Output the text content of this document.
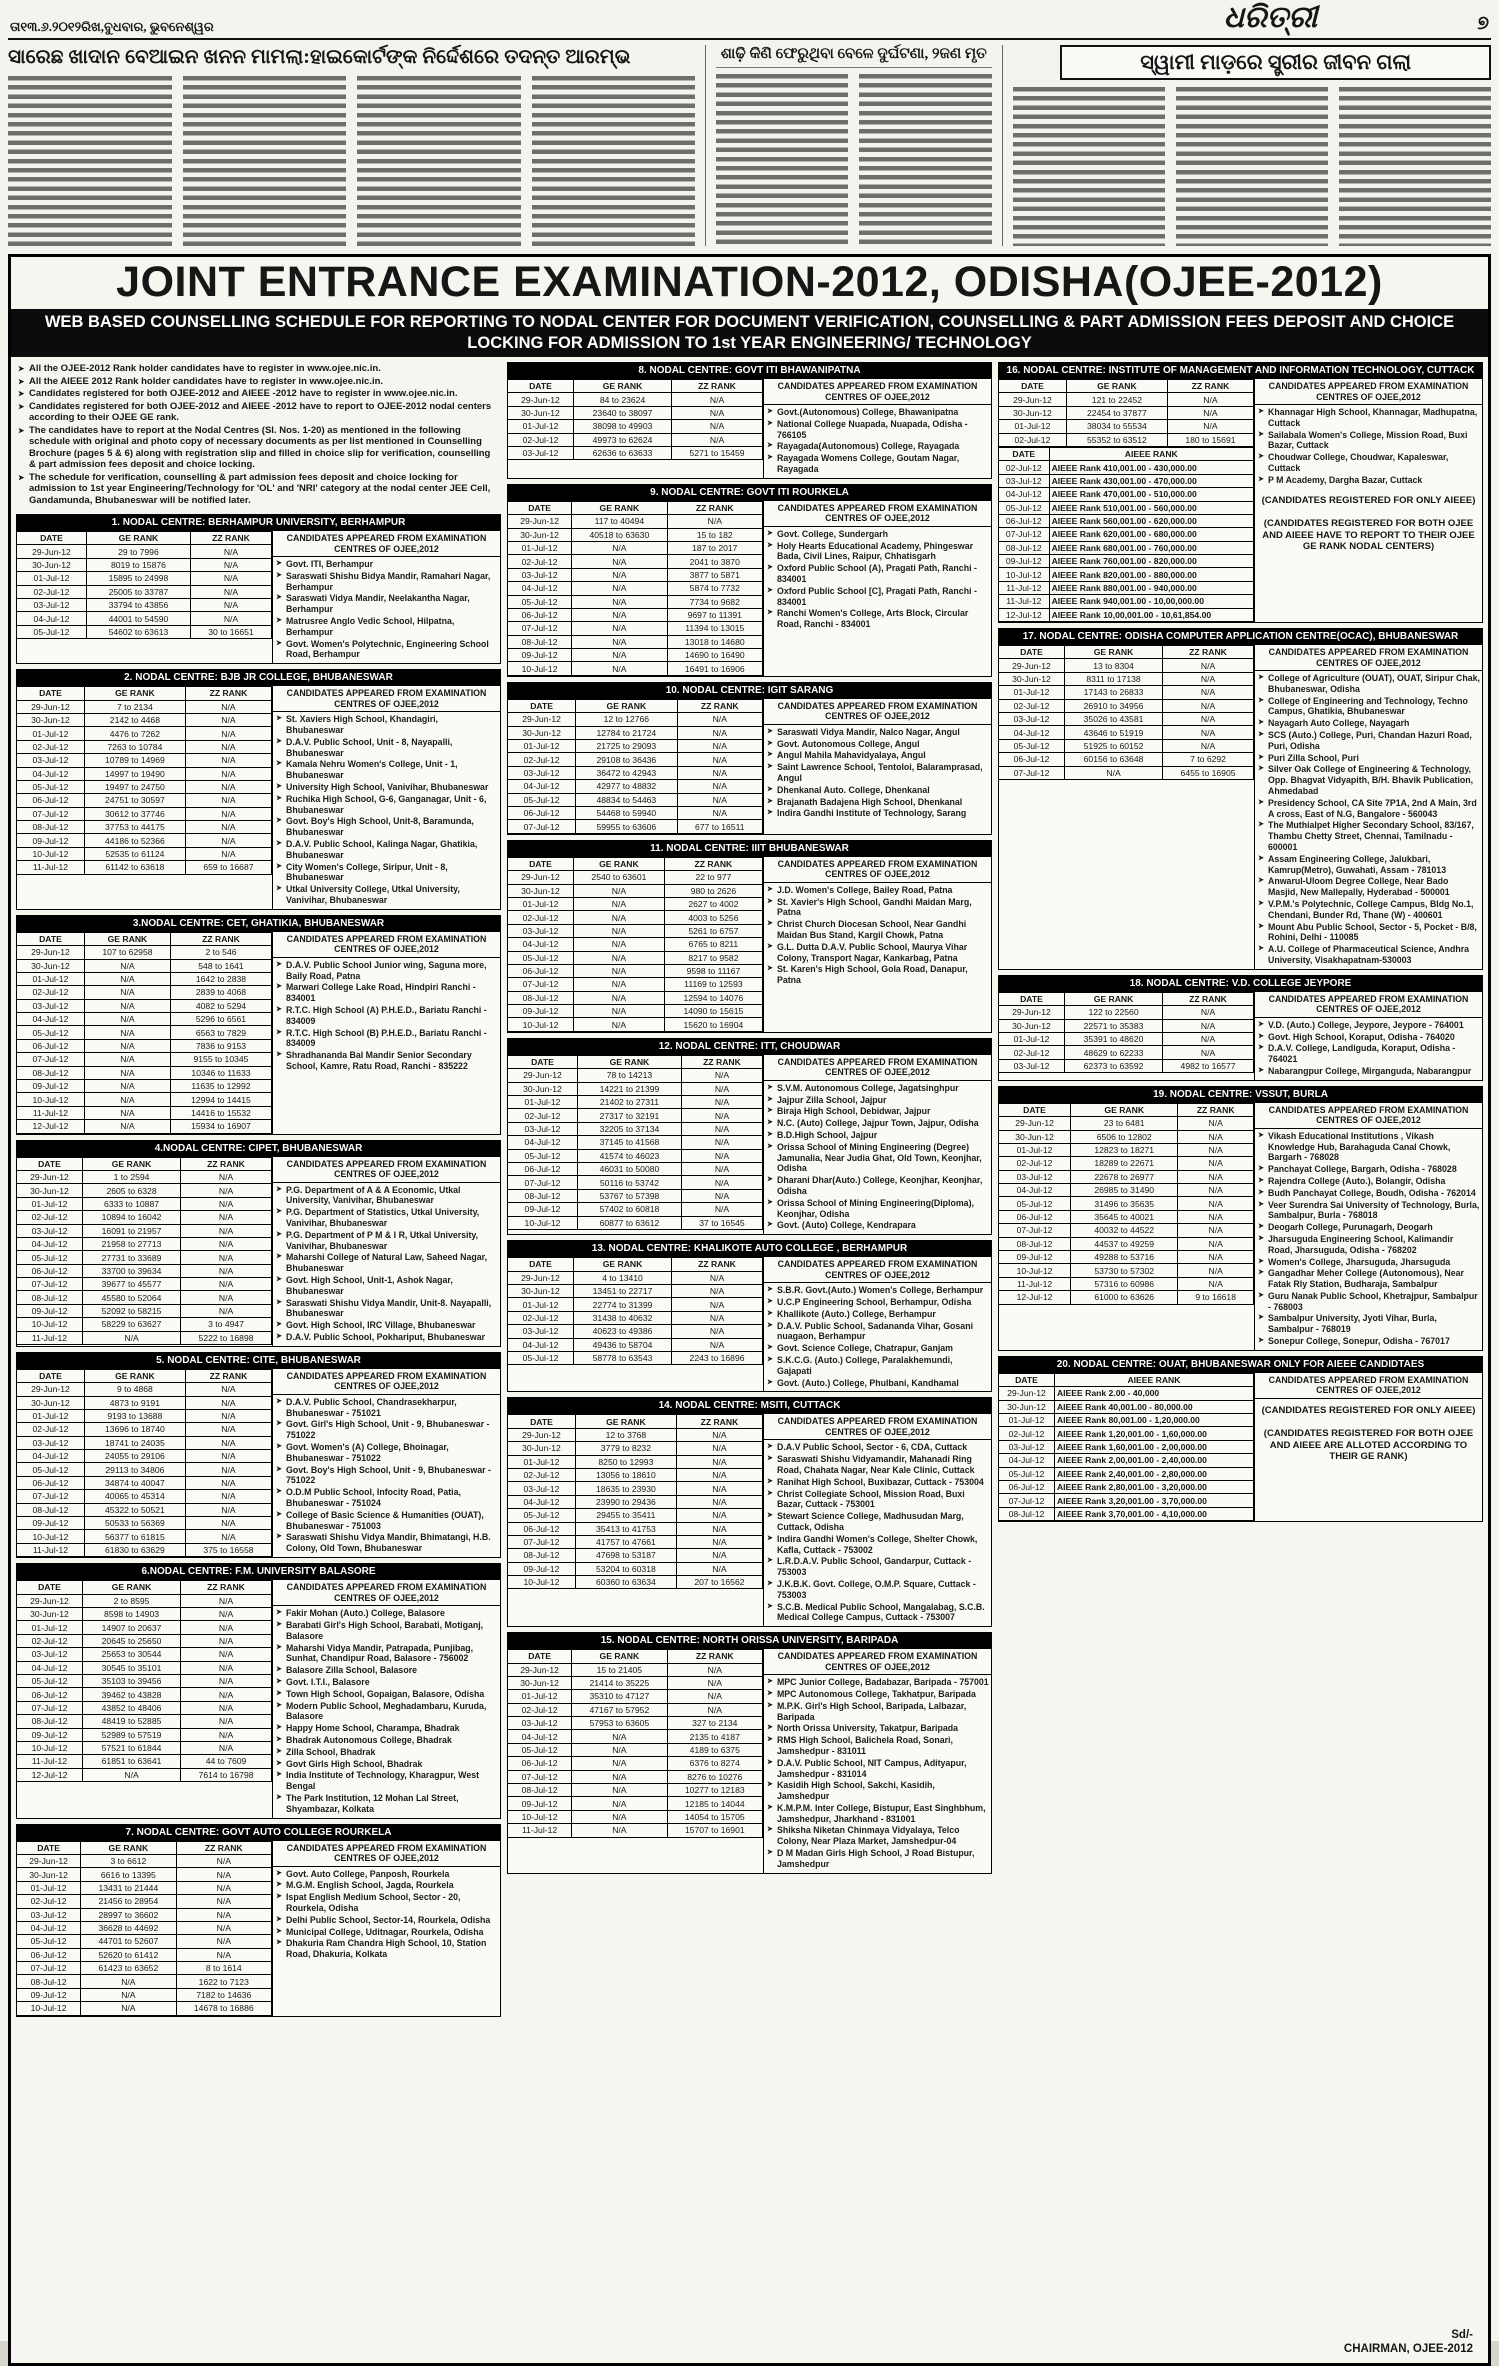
ତା୧୩.୬.୨୦୧୨ରିଖ,ବୁଧବାର, ଭୁବନେଶ୍ୱର	ଧରିତ୍ରୀ	୭
ସାରେଛ ଖାଦାନ ବେଆଇନ ଖନନ ମାମଲା:ହାଇକୋର୍ଟଙ୍କ ନିର୍ଦ୍ଦେଶରେ ତଦନ୍ତ ଆରମ୍ଭ	ଶାଢ଼ି କିଣି ଫେରୁଥିବା ବେଳେ ଦୁର୍ଘଟଣା, ୨ଜଣ ମୃତ	ସ୍ୱାମୀ ମାଡ଼ରେ ସ୍ତ୍ରୀର ଜୀବନ ଗଲା
JOINT ENTRANCE EXAMINATION-2012, ODISHA(OJEE-2012)
WEB BASED COUNSELLING SCHEDULE FOR REPORTING TO NODAL CENTER FOR DOCUMENT VERIFICATION, COUNSELLING & PART ADMISSION FEES DEPOSIT AND CHOICE LOCKING FOR ADMISSION TO 1st YEAR ENGINEERING/ TECHNOLOGY
➤ All the OJEE-2012 Rank holder candidates have to register in www.ojee.nic.in.
➤ All the AIEEE 2012 Rank holder candidates have to register in www.ojee.nic.in.
➤ Candidates registered for both OJEE-2012 and AIEEE -2012 have to register in www.ojee.nic.in.
➤ Candidates registered for both OJEE-2012 and AIEEE -2012 have to report to OJEE-2012 nodal centers according to their OJEE GE rank.
➤ The candidates have to report at the Nodal Centres (Sl. Nos. 1-20) as mentioned in the following schedule with original and photo copy of necessary documents as per list mentioned in Counselling Brochure (pages 5 & 6) along with registration slip and filled in choice slip for verification, counselling & part admission fees deposit and choice locking.
➤ The schedule for verification, counselling & part admission fees deposit and choice locking for admission to 1st year Engineering/Technology for 'OL' and 'NRI' category at the nodal center JEE Cell, Gandamunda, Bhubaneswar will be notified later.
1. NODAL CENTRE: BERHAMPUR UNIVERSITY, BERHAMPUR
DATE	GE RANK	ZZ RANK
29-Jun-12	29 to 7996	N/A
30-Jun-12	8019 to 15876	N/A
01-Jul-12	15895 to 24998	N/A
02-Jul-12	25005 to 33787	N/A
03-Jul-12	33794 to 43856	N/A
04-Jul-12	44001 to 54590	N/A
05-Jul-12	54602 to 63613	30 to 16651
CANDIDATES APPEARED FROM EXAMINATION CENTRES OF OJEE,2012
➤ Govt. ITI, Berhampur
➤ Saraswati Shishu Bidya Mandir, Ramahari Nagar, Berhampur
➤ Saraswati Vidya Mandir, Neelakantha Nagar, Berhampur
➤ Matrusree Anglo Vedic School, Hilpatna, Berhampur
➤ Govt. Women's Polytechnic, Engineering School Road, Berhampur
2. NODAL CENTRE: BJB JR COLLEGE, BHUBANESWAR
DATE	GE RANK	ZZ RANK
29-Jun-12	7 to 2134	N/A
30-Jun-12	2142 to 4468	N/A
01-Jul-12	4476 to 7262	N/A
02-Jul-12	7263 to 10784	N/A
03-Jul-12	10789 to 14969	N/A
04-Jul-12	14997 to 19490	N/A
05-Jul-12	19497 to 24750	N/A
06-Jul-12	24751 to 30597	N/A
07-Jul-12	30612 to 37746	N/A
08-Jul-12	37753 to 44175	N/A
09-Jul-12	44186 to 52366	N/A
10-Jul-12	52535 to 61124	N/A
11-Jul-12	61142 to 63618	659 to 16687
CANDIDATES APPEARED FROM EXAMINATION CENTRES OF OJEE,2012
➤ St. Xaviers High School, Khandagiri, Bhubaneswar
➤ D.A.V. Public School, Unit - 8, Nayapalli, Bhubaneswar
➤ Kamala Nehru Women's College, Unit - 1, Bhubaneswar
➤ University High School, Vanivihar, Bhubaneswar
➤ Ruchika High School, G-6, Ganganagar, Unit - 6, Bhubaneswar
➤ Govt. Boy's High School, Unit-8, Baramunda, Bhubaneswar
➤ D.A.V. Public School, Kalinga Nagar, Ghatikia, Bhubaneswar
➤ City Women's College, Siripur, Unit - 8, Bhubaneswar
➤ Utkal University College, Utkal University, Vanivihar, Bhubaneswar
3.NODAL CENTRE: CET, GHATIKIA, BHUBANESWAR
DATE	GE RANK	ZZ RANK
29-Jun-12	107 to 62958	2 to 546
30-Jun-12	N/A	548 to 1641
01-Jul-12	N/A	1642 to 2838
02-Jul-12	N/A	2839 to 4068
03-Jul-12	N/A	4082 to 5294
04-Jul-12	N/A	5296 to 6561
05-Jul-12	N/A	6563 to 7829
06-Jul-12	N/A	7836 to 9153
07-Jul-12	N/A	9155 to 10345
08-Jul-12	N/A	10346 to 11633
09-Jul-12	N/A	11635 to 12992
10-Jul-12	N/A	12994 to 14415
11-Jul-12	N/A	14416 to 15532
12-Jul-12	N/A	15934 to 16907
CANDIDATES APPEARED FROM EXAMINATION CENTRES OF OJEE,2012
➤ D.A.V. Public School Junior wing, Saguna more, Baily Road, Patna
➤ Marwari College Lake Road, Hindpiri Ranchi - 834001
➤ R.T.C. High School (A) P.H.E.D., Bariatu Ranchi - 834009
➤ R.T.C. High School (B) P.H.E.D., Bariatu Ranchi - 834009
➤ Shradhananda Bal Mandir Senior Secondary School, Kamre, Ratu Road, Ranchi - 835222
4.NODAL CENTRE: CIPET, BHUBANESWAR
DATE	GE RANK	ZZ RANK
29-Jun-12	1 to 2594	N/A
30-Jun-12	2605 to 6328	N/A
01-Jul-12	6333 to 10887	N/A
02-Jul-12	10894 to 16042	N/A
03-Jul-12	16091 to 21957	N/A
04-Jul-12	21958 to 27713	N/A
05-Jul-12	27731 to 33689	N/A
06-Jul-12	33700 to 39634	N/A
07-Jul-12	39677 to 45577	N/A
08-Jul-12	45580 to 52064	N/A
09-Jul-12	52092 to 58215	N/A
10-Jul-12	58229 to 63627	3 to 4947
11-Jul-12	N/A	5222 to 16898
CANDIDATES APPEARED FROM EXAMINATION CENTRES OF OJEE,2012
➤ P.G. Department of A & A Economic, Utkal University, Vanivihar, Bhubaneswar
➤ P.G. Department of Statistics, Utkal University, Vanivihar, Bhubaneswar
➤ P.G. Department of P M & I R, Utkal University, Vanivihar, Bhubaneswar
➤ Maharshi College of Natural Law, Saheed Nagar, Bhubaneswar
➤ Govt. High School, Unit-1, Ashok Nagar, Bhubaneswar
➤ Saraswati Shishu Vidya Mandir, Unit-8. Nayapalli, Bhubaneswar
➤ Govt. High School, IRC Village, Bhubaneswar
➤ D.A.V. Public School, Pokhariput, Bhubaneswar
5. NODAL CENTRE: CITE, BHUBANESWAR
DATE	GE RANK	ZZ RANK
29-Jun-12	9 to 4868	N/A
30-Jun-12	4873 to 9191	N/A
01-Jul-12	9193 to 13688	N/A
02-Jul-12	13696 to 18740	N/A
03-Jul-12	18741 to 24035	N/A
04-Jul-12	24055 to 29106	N/A
05-Jul-12	29113 to 34806	N/A
06-Jul-12	34874 to 40047	N/A
07-Jul-12	40065 to 45314	N/A
08-Jul-12	45322 to 50521	N/A
09-Jul-12	50533 to 56369	N/A
10-Jul-12	56377 to 61815	N/A
11-Jul-12	61830 to 63629	375 to 16558
CANDIDATES APPEARED FROM EXAMINATION CENTRES OF OJEE,2012
➤ D.A.V. Public School, Chandrasekharpur, Bhubaneswar - 751021
➤ Govt. Girl's High School, Unit - 9, Bhubaneswar - 751022
➤ Govt. Women's (A) College, Bhoinagar, Bhubaneswar - 751022
➤ Govt. Boy's High School, Unit - 9, Bhubaneswar - 751022
➤ O.D.M Public School, Infocity Road, Patia, Bhubaneswar - 751024
➤ College of Basic Science & Humanities (OUAT), Bhubaneswar - 751003
➤ Saraswati Shishu Vidya Mandir, Bhimatangi, H.B. Colony, Old Town, Bhubaneswar
6.NODAL CENTRE: F.M. UNIVERSITY BALASORE
DATE	GE RANK	ZZ RANK
29-Jun-12	2 to 8595	N/A
30-Jun-12	8598 to 14903	N/A
01-Jul-12	14907 to 20637	N/A
02-Jul-12	20645 to 25650	N/A
03-Jul-12	25653 to 30544	N/A
04-Jul-12	30545 to 35101	N/A
05-Jul-12	35103 to 39456	N/A
06-Jul-12	39462 to 43828	N/A
07-Jul-12	43852 to 48406	N/A
08-Jul-12	48419 to 52885	N/A
09-Jul-12	52989 to 57519	N/A
10-Jul-12	57521 to 61844	N/A
11-Jul-12	61851 to 63641	44 to 7609
12-Jul-12	N/A	7614 to 16798
CANDIDATES APPEARED FROM EXAMINATION CENTRES OF OJEE,2012
➤ Fakir Mohan (Auto.) College, Balasore
➤ Barabati Girl's High School, Barabati, Motiganj, Balasore
➤ Maharshi Vidya Mandir, Patrapada, Punjibag, Sunhat, Chandipur Road, Balasore - 756002
➤ Balasore Zilla School, Balasore
➤ Govt. I.T.I., Balasore
➤ Town High School, Gopaigan, Balasore, Odisha
➤ Modern Public School, Meghadambaru, Kuruda, Balasore
➤ Happy Home School, Charampa, Bhadrak
➤ Bhadrak Autonomous College, Bhadrak
➤ Zilla School, Bhadrak
➤ Govt Girls High School, Bhadrak
➤ India Institute of Technology, Kharagpur, West Bengal
➤ The Park Institution, 12 Mohan Lal Street, Shyambazar, Kolkata
7. NODAL CENTRE: GOVT AUTO COLLEGE ROURKELA
DATE	GE RANK	ZZ RANK
29-Jun-12	3 to 6612	N/A
30-Jun-12	6616 to 13395	N/A
01-Jul-12	13431 to 21444	N/A
02-Jul-12	21456 to 28954	N/A
03-Jul-12	28997 to 36602	N/A
04-Jul-12	36628 to 44692	N/A
05-Jul-12	44701 to 52607	N/A
06-Jul-12	52620 to 61412	N/A
07-Jul-12	61423 to 63652	8 to 1614
08-Jul-12	N/A	1622 to 7123
09-Jul-12	N/A	7182 to 14636
10-Jul-12	N/A	14678 to 16886
CANDIDATES APPEARED FROM EXAMINATION CENTRES OF OJEE,2012
➤ Govt. Auto College, Panposh, Rourkela
➤ M.G.M. English School, Jagda, Rourkela
➤ Ispat English Medium School, Sector - 20, Rourkela, Odisha
➤ Delhi Public School, Sector-14, Rourkela, Odisha
➤ Municipal College, Uditnagar, Rourkela, Odisha
➤ Dhakuria Ram Chandra High School, 10, Station Road, Dhakuria, Kolkata
8. NODAL CENTRE: GOVT ITI BHAWANIPATNA
DATE	GE RANK	ZZ RANK
29-Jun-12	84 to 23624	N/A
30-Jun-12	23640 to 38097	N/A
01-Jul-12	38098 to 49903	N/A
02-Jul-12	49973 to 62624	N/A
03-Jul-12	62636 to 63633	5271 to 15459
CANDIDATES APPEARED FROM EXAMINATION CENTRES OF OJEE,2012
➤ Govt.(Autonomous) College, Bhawanipatna
➤ National College Nuapada, Nuapada, Odisha - 766105
➤ Rayagada(Autonomous) College, Rayagada
➤ Rayagada Womens College, Goutam Nagar, Rayagada
9. NODAL CENTRE: GOVT ITI ROURKELA
DATE	GE RANK	ZZ RANK
29-Jun-12	117 to 40494	N/A
30-Jun-12	40518 to 63630	15 to 182
01-Jul-12	N/A	187 to 2017
02-Jul-12	N/A	2041 to 3870
03-Jul-12	N/A	3877 to 5871
04-Jul-12	N/A	5874 to 7732
05-Jul-12	N/A	7734 to 9682
06-Jul-12	N/A	9697 to 11391
07-Jul-12	N/A	11394 to 13015
08-Jul-12	N/A	13018 to 14680
09-Jul-12	N/A	14690 to 16490
10-Jul-12	N/A	16491 to 16906
CANDIDATES APPEARED FROM EXAMINATION CENTRES OF OJEE,2012
➤ Govt. College, Sundergarh
➤ Holy Hearts Educational Academy, Phingeswar Bada, Civil Lines, Raipur, Chhatisgarh
➤ Oxford Public School (A), Pragati Path, Ranchi - 834001
➤ Oxford Public School [C], Pragati Path, Ranchi - 834001
➤ Ranchi Women's College, Arts Block, Circular Road, Ranchi - 834001
10. NODAL CENTRE: IGIT SARANG
DATE	GE RANK	ZZ RANK
29-Jun-12	12 to 12766	N/A
30-Jun-12	12784 to 21724	N/A
01-Jul-12	21725 to 29093	N/A
02-Jul-12	29108 to 36436	N/A
03-Jul-12	36472 to 42943	N/A
04-Jul-12	42977 to 48832	N/A
05-Jul-12	48834 to 54463	N/A
06-Jul-12	54468 to 59940	N/A
07-Jul-12	59955 to 63606	677 to 16511
CANDIDATES APPEARED FROM EXAMINATION CENTRES OF OJEE,2012
➤ Saraswati Vidya Mandir, Nalco Nagar, Angul
➤ Govt. Autonomous College, Angul
➤ Angul Mahila Mahavidyalaya, Angul
➤ Saint Lawrence School, Tentoloi, Balaramprasad, Angul
➤ Dhenkanal Auto. College, Dhenkanal
➤ Brajanath Badajena High School, Dhenkanal
➤ Indira Gandhi Institute of Technology, Sarang
11. NODAL CENTRE: IIIT BHUBANESWAR
DATE	GE RANK	ZZ RANK
29-Jun-12	2540 to 63601	22 to 977
30-Jun-12	N/A	980 to 2626
01-Jul-12	N/A	2627 to 4002
02-Jul-12	N/A	4003 to 5256
03-Jul-12	N/A	5261 to 6757
04-Jul-12	N/A	6765 to 8211
05-Jul-12	N/A	8217 to 9582
06-Jul-12	N/A	9598 to 11167
07-Jul-12	N/A	11169 to 12593
08-Jul-12	N/A	12594 to 14076
09-Jul-12	N/A	14090 to 15615
10-Jul-12	N/A	15620 to 16904
CANDIDATES APPEARED FROM EXAMINATION CENTRES OF OJEE,2012
➤ J.D. Women's College, Bailey Road, Patna
➤ St. Xavier's High School, Gandhi Maidan Marg, Patna
➤ Christ Church Diocesan School, Near Gandhi Maidan Bus Stand, Kargil Chowk, Patna
➤ G.L. Dutta D.A.V. Public School, Maurya Vihar Colony, Transport Nagar, Kankarbag, Patna
➤ St. Karen's High School, Gola Road, Danapur, Patna
12. NODAL CENTRE: ITT, CHOUDWAR
DATE	GE RANK	ZZ RANK
29-Jun-12	78 to 14213	N/A
30-Jun-12	14221 to 21399	N/A
01-Jul-12	21402 to 27311	N/A
02-Jul-12	27317 to 32191	N/A
03-Jul-12	32205 to 37134	N/A
04-Jul-12	37145 to 41568	N/A
05-Jul-12	41574 to 46023	N/A
06-Jul-12	46031 to 50080	N/A
07-Jul-12	50116 to 53742	N/A
08-Jul-12	53767 to 57398	N/A
09-Jul-12	57402 to 60818	N/A
10-Jul-12	60877 to 63612	37 to 16545
CANDIDATES APPEARED FROM EXAMINATION CENTRES OF OJEE,2012
➤ S.V.M. Autonomous College, Jagatsinghpur
➤ Jajpur Zilla School, Jajpur
➤ Biraja High School, Debidwar, Jajpur
➤ N.C. (Auto) College, Jajpur Town, Jajpur, Odisha
➤ B.D.High School, Jajpur
➤ Orissa School of Mining Engineering (Degree) Jamunalia, Near Judia Ghat, Old Town, Keonjhar, Odisha
➤ Dharani Dhar(Auto.) College, Keonjhar, Keonjhar, Odisha
➤ Orissa School of Mining Engineering(Diploma), Keonjhar, Odisha
➤ Govt. (Auto) College, Kendrapara
13. NODAL CENTRE: KHALIKOTE AUTO COLLEGE , BERHAMPUR
DATE	GE RANK	ZZ RANK
29-Jun-12	4 to 13410	N/A
30-Jun-12	13451 to 22717	N/A
01-Jul-12	22774 to 31399	N/A
02-Jul-12	31438 to 40632	N/A
03-Jul-12	40623 to 49386	N/A
04-Jul-12	49436 to 58704	N/A
05-Jul-12	58778 to 63543	2243 to 16896
CANDIDATES APPEARED FROM EXAMINATION CENTRES OF OJEE,2012
➤ S.B.R. Govt.(Auto.) Women's College, Berhampur
➤ U.C.P Engineering School, Berhampur, Odisha
➤ Khallikote (Auto.) College, Berhampur
➤ D.A.V. Public School, Sadananda Vihar, Gosani nuagaon, Berhampur
➤ Govt. Science College, Chatrapur, Ganjam
➤ S.K.C.G. (Auto.) College, Paralakhemundi, Gajapati
➤ Govt. (Auto.) College, Phulbani, Kandhamal
14. NODAL CENTRE: MSITI, CUTTACK
DATE	GE RANK	ZZ RANK
29-Jun-12	12 to 3768	N/A
30-Jun-12	3779 to 8232	N/A
01-Jul-12	8250 to 12993	N/A
02-Jul-12	13056 to 18610	N/A
03-Jul-12	18635 to 23930	N/A
04-Jul-12	23990 to 29436	N/A
05-Jul-12	29455 to 35411	N/A
06-Jul-12	35413 to 41753	N/A
07-Jul-12	41757 to 47661	N/A
08-Jul-12	47698 to 53187	N/A
09-Jul-12	53204 to 60318	N/A
10-Jul-12	60360 to 63634	207 to 16562
CANDIDATES APPEARED FROM EXAMINATION CENTRES OF OJEE,2012
➤ D.A.V Public School, Sector - 6, CDA, Cuttack
➤ Saraswati Shishu Vidyamandir, Mahanadi Ring Road, Chahata Nagar, Near Kale Clinic, Cuttack
➤ Ranihat High School, Buxibazar, Cuttack - 753004
➤ Christ Collegiate School, Mission Road, Buxi Bazar, Cuttack - 753001
➤ Stewart Science College, Madhusudan Marg, Cuttack, Odisha
➤ Indira Gandhi Women's College, Shelter Chowk, Kafla, Cuttack - 753002
➤ L.R.D.A.V. Public School, Gandarpur, Cuttack - 753003
➤ J.K.B.K. Govt. College, O.M.P. Square, Cuttack - 753003
➤ S.C.B. Medical Public School, Mangalabag, S.C.B. Medical College Campus, Cuttack - 753007
15. NODAL CENTRE: NORTH ORISSA UNIVERSITY, BARIPADA
DATE	GE RANK	ZZ RANK
29-Jun-12	15 to 21405	N/A
30-Jun-12	21414 to 35225	N/A
01-Jul-12	35310 to 47127	N/A
02-Jul-12	47167 to 57952	N/A
03-Jul-12	57953 to 63605	327 to 2134
04-Jul-12	N/A	2135 to 4187
05-Jul-12	N/A	4189 to 6375
06-Jul-12	N/A	6376 to 8274
07-Jul-12	N/A	8276 to 10276
08-Jul-12	N/A	10277 to 12183
09-Jul-12	N/A	12185 to 14044
10-Jul-12	N/A	14054 to 15705
11-Jul-12	N/A	15707 to 16901
CANDIDATES APPEARED FROM EXAMINATION CENTRES OF OJEE,2012
➤ MPC Junior College, Badabazar, Baripada - 757001
➤ MPC Autonomous College, Takhatpur, Baripada
➤ M.P.K. Girl's High School, Baripada, Lalbazar, Baripada
➤ North Orissa University, Takatpur, Baripada
➤ RMS High School, Balichela Road, Sonari, Jamshedpur - 831011
➤ D.A.V. Public School, NIT Campus, Adityapur, Jamshedpur - 831014
➤ Kasidih High School, Sakchi, Kasidih, Jamshedpur
➤ K.M.P.M. Inter College, Bistupur, East Singhbhum, Jamshedpur, Jharkhand - 831001
➤ Shiksha Niketan Chinmaya Vidyalaya, Telco Colony, Near Plaza Market, Jamshedpur-04
➤ D M Madan Girls High School, J Road Bistupur, Jamshedpur
16. NODAL CENTRE: INSTITUTE OF MANAGEMENT AND INFORMATION TECHNOLOGY, CUTTACK
DATE	GE RANK	ZZ RANK
29-Jun-12	121 to 22452	N/A
30-Jun-12	22454 to 37877	N/A
01-Jul-12	38034 to 55534	N/A
02-Jul-12	55352 to 63512	180 to 15691
DATE	AIEEE RANK
02-Jul-12	AIEEE Rank 410,001.00 - 430,000.00
03-Jul-12	AIEEE Rank 430,001.00 - 470,000.00
04-Jul-12	AIEEE Rank 470,001.00 - 510,000.00
05-Jul-12	AIEEE Rank 510,001.00 - 560,000.00
06-Jul-12	AIEEE Rank 560,001.00 - 620,000.00
07-Jul-12	AIEEE Rank 620,001.00 - 680,000.00
08-Jul-12	AIEEE Rank 680,001.00 - 760,000.00
09-Jul-12	AIEEE Rank 760,001.00 - 820,000.00
10-Jul-12	AIEEE Rank 820,001.00 - 880,000.00
11-Jul-12	AIEEE Rank 880,001.00 - 940,000.00
11-Jul-12	AIEEE Rank 940,001.00 - 10,00,000.00
12-Jul-12	AIEEE Rank 10,00,001.00 - 10,61,854.00
CANDIDATES APPEARED FROM EXAMINATION CENTRES OF OJEE,2012
➤ Khannagar High School, Khannagar, Madhupatna, Cuttack
➤ Sailabala Women's College, Mission Road, Buxi Bazar, Cuttack
➤ Choudwar College, Choudwar, Kapaleswar, Cuttack
➤ P M Academy, Dargha Bazar, Cuttack
(CANDIDATES REGISTERED FOR ONLY AIEEE)
(CANDIDATES REGISTERED FOR BOTH OJEE AND AIEEE HAVE TO REPORT TO THEIR OJEE GE RANK NODAL CENTERS)
17. NODAL CENTRE: ODISHA COMPUTER APPLICATION CENTRE(OCAC), BHUBANESWAR
DATE	GE RANK	ZZ RANK
29-Jun-12	13 to 8304	N/A
30-Jun-12	8311 to 17138	N/A
01-Jul-12	17143 to 26833	N/A
02-Jul-12	26910 to 34956	N/A
03-Jul-12	35026 to 43581	N/A
04-Jul-12	43646 to 51919	N/A
05-Jul-12	51925 to 60152	N/A
06-Jul-12	60156 to 63648	7 to 6292
07-Jul-12	N/A	6455 to 16905
CANDIDATES APPEARED FROM EXAMINATION CENTRES OF OJEE,2012
➤ College of Agriculture (OUAT), OUAT, Siripur Chak, Bhubaneswar, Odisha
➤ College of Engineering and Technology, Techno Campus, Ghatikia, Bhubaneswar
➤ Nayagarh Auto College, Nayagarh
➤ SCS (Auto.) College, Puri, Chandan Hazuri Road, Puri, Odisha
➤ Puri Zilla School, Puri
➤ Silver Oak College of Engineering & Technology, Opp. Bhagvat Vidyapith, B/H. Bhavik Publication, Ahmedabad
➤ Presidency School, CA Site 7P1A, 2nd A Main, 3rd A cross, East of N.G, Bangalore - 560043
➤ The Muthialpet Higher Secondary School, 83/167, Thambu Chetty Street, Chennai, Tamilnadu - 600001
➤ Assam Engineering College, Jalukbari, Kamrup(Metro), Guwahati, Assam - 781013
➤ Anwarul-Uloom Degree College, Near Bado Masjid, New Mallepally, Hyderabad - 500001
➤ V.P.M.'s Polytechnic, College Campus, Bldg No.1, Chendani, Bunder Rd, Thane (W) - 400601
➤ Mount Abu Public School, Sector - 5, Pocket - B/8, Rohini, Delhi - 110085
➤ A.U. College of Pharmaceutical Science, Andhra University, Visakhapatnam-530003
18. NODAL CENTRE: V.D. COLLEGE JEYPORE
DATE	GE RANK	ZZ RANK
29-Jun-12	122 to 22560	N/A
30-Jun-12	22571 to 35383	N/A
01-Jul-12	35391 to 48620	N/A
02-Jul-12	48629 to 62233	N/A
03-Jul-12	62373 to 63592	4982 to 16577
CANDIDATES APPEARED FROM EXAMINATION CENTRES OF OJEE,2012
➤ V.D. (Auto.) College, Jeypore, Jeypore - 764001
➤ Govt. High School, Koraput, Odisha - 764020
➤ D.A.V. College, Landiguda, Koraput, Odisha - 764021
➤ Nabarangpur College, Mirganguda, Nabarangpur
19. NODAL CENTRE: VSSUT, BURLA
DATE	GE RANK	ZZ RANK
29-Jun-12	23 to 6481	N/A
30-Jun-12	6506 to 12802	N/A
01-Jul-12	12823 to 18271	N/A
02-Jul-12	18289 to 22671	N/A
03-Jul-12	22678 to 26977	N/A
04-Jul-12	26985 to 31490	N/A
05-Jul-12	31496 to 35635	N/A
06-Jul-12	35645 to 40021	N/A
07-Jul-12	40032 to 44522	N/A
08-Jul-12	44537 to 49259	N/A
09-Jul-12	49288 to 53716	N/A
10-Jul-12	53730 to 57302	N/A
11-Jul-12	57316 to 60986	N/A
12-Jul-12	61000 to 63626	9 to 16618
CANDIDATES APPEARED FROM EXAMINATION CENTRES OF OJEE,2012
➤ Vikash Educational Institutions , Vikash Knowledge Hub, Barahaguda Canal Chowk, Bargarh - 768028
➤ Panchayat College, Bargarh, Odisha - 768028
➤ Rajendra College (Auto.), Bolangir, Odisha
➤ Budh Panchayat College, Boudh, Odisha - 762014
➤ Veer Surendra Sai University of Technology, Burla, Sambalpur, Burla - 768018
➤ Deogarh College, Purunagarh, Deogarh
➤ Jharsuguda Engineering School, Kalimandir Road, Jharsuguda, Odisha - 768202
➤ Women's College, Jharsuguda, Jharsuguda
➤ Gangadhar Meher College (Autonomous), Near Fatak Rly Station, Budharaja, Sambalpur
➤ Guru Nanak Public School, Khetrajpur, Sambalpur - 768003
➤ Sambalpur University, Jyoti Vihar, Burla, Sambalpur - 768019
➤ Sonepur College, Sonepur, Odisha - 767017
20. NODAL CENTRE: OUAT, BHUBANESWAR ONLY FOR AIEEE CANDIDTAES
DATE	AIEEE RANK
29-Jun-12	AIEEE Rank 2.00 - 40,000
30-Jun-12	AIEEE Rank 40,001.00 - 80,000.00
01-Jul-12	AIEEE Rank 80,001.00 - 1,20,000.00
02-Jul-12	AIEEE Rank 1,20,001.00 - 1,60,000.00
03-Jul-12	AIEEE Rank 1,60,001.00 - 2,00,000.00
04-Jul-12	AIEEE Rank 2,00,001.00 - 2,40,000.00
05-Jul-12	AIEEE Rank 2,40,001.00 - 2,80,000.00
06-Jul-12	AIEEE Rank 2,80,001.00 - 3,20,000.00
07-Jul-12	AIEEE Rank 3,20,001.00 - 3,70,000.00
08-Jul-12	AIEEE Rank 3,70,001.00 - 4,10,000.00
CANDIDATES APPEARED FROM EXAMINATION CENTRES OF OJEE,2012
(CANDIDATES REGISTERED FOR ONLY AIEEE)
(CANDIDATES REGISTERED FOR BOTH OJEE AND AIEEE ARE ALLOTED ACCORDING TO THEIR GE RANK)
Sd/-
CHAIRMAN, OJEE-2012
